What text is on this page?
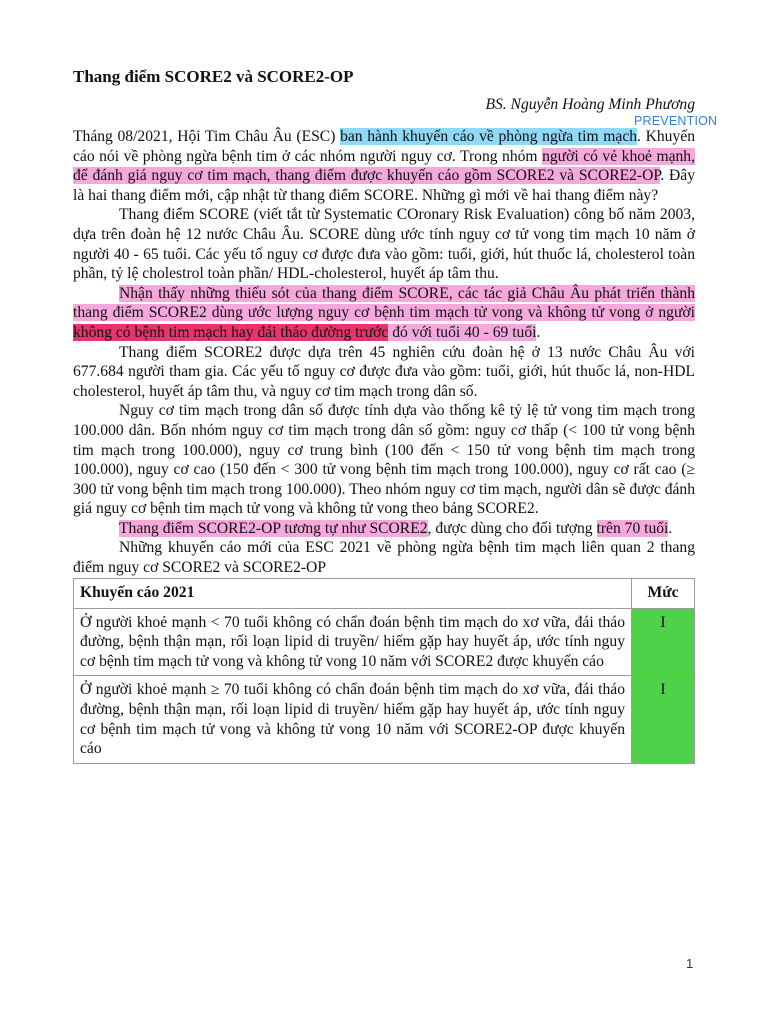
PREVENTION
Thang điểm SCORE2 và SCORE2-OP
BS. Nguyễn Hoàng Minh Phương

Tháng 08/2021, Hội Tim Châu Âu (ESC) ban hành khuyến cáo về phòng ngừa tim mạch. Khuyến cáo nói về phòng ngừa bệnh tim ở các nhóm người nguy cơ. Trong nhóm người có vẻ khoẻ mạnh, để đánh giá nguy cơ tim mạch, thang điểm được khuyến cáo gồm SCORE2 và SCORE2-OP. Đây là hai thang điểm mới, cập nhật từ thang điểm SCORE. Những gì mới về hai thang điểm này?

Thang điểm SCORE (viết tắt từ Systematic COronary Risk Evaluation) công bố năm 2003, dựa trên đoàn hệ 12 nước Châu Âu. SCORE dùng ước tính nguy cơ tử vong tim mạch 10 năm ở người 40 - 65 tuổi. Các yếu tố nguy cơ được đưa vào gồm: tuổi, giới, hút thuốc lá, cholesterol toàn phần, tỷ lệ cholestrol toàn phần/ HDL-cholesterol, huyết áp tâm thu.

Nhận thấy những thiếu sót của thang điểm SCORE, các tác giả Châu Âu phát triển thành thang điểm SCORE2 dùng ước lượng nguy cơ bệnh tim mạch tử vong và không tử vong ở người không có bệnh tim mạch hay đái tháo đường trước đó với tuổi 40 - 69 tuổi.

Thang điểm SCORE2 được dựa trên 45 nghiên cứu đoàn hệ ở 13 nước Châu Âu với 677.684 người tham gia. Các yếu tố nguy cơ được đưa vào gồm: tuổi, giới, hút thuốc lá, non-HDL cholesterol, huyết áp tâm thu, và nguy cơ tim mạch trong dân số.

Nguy cơ tim mạch trong dân số được tính dựa vào thống kê tỷ lệ tử vong tim mạch trong 100.000 dân. Bốn nhóm nguy cơ tim mạch trong dân số gồm: nguy cơ thấp (< 100 tử vong bệnh tim mạch trong 100.000), nguy cơ trung bình (100 đến < 150 tử vong bệnh tim mạch trong 100.000), nguy cơ cao (150 đến < 300 tử vong bệnh tim mạch trong 100.000), nguy cơ rất cao (≥ 300 tử vong bệnh tim mạch trong 100.000). Theo nhóm nguy cơ tim mạch, người dân sẽ được đánh giá nguy cơ bệnh tim mạch tử vong và không tử vong theo bảng SCORE2.

Thang điểm SCORE2-OP tương tự như SCORE2, được dùng cho đối tượng trên 70 tuổi.

Những khuyến cáo mới của ESC 2021 về phòng ngừa bệnh tim mạch liên quan 2 thang điểm nguy cơ SCORE2 và SCORE2-OP

Khuyến cáo 2021	Mức
Ở người khoẻ mạnh < 70 tuổi không có chẩn đoán bệnh tim mạch do xơ vữa, đái tháo đường, bệnh thận mạn, rối loạn lipid di truyền/ hiếm gặp hay huyết áp, ước tính nguy cơ bệnh tim mạch tử vong và không tử vong 10 năm với SCORE2 được khuyến cáo	I
Ở người khoẻ mạnh ≥ 70 tuổi không có chẩn đoán bệnh tim mạch do xơ vữa, đái tháo đường, bệnh thận mạn, rối loạn lipid di truyền/ hiếm gặp hay huyết áp, ước tính nguy cơ bệnh tim mạch tử vong và không tử vong 10 năm với SCORE2-OP được khuyến cáo	I
1
